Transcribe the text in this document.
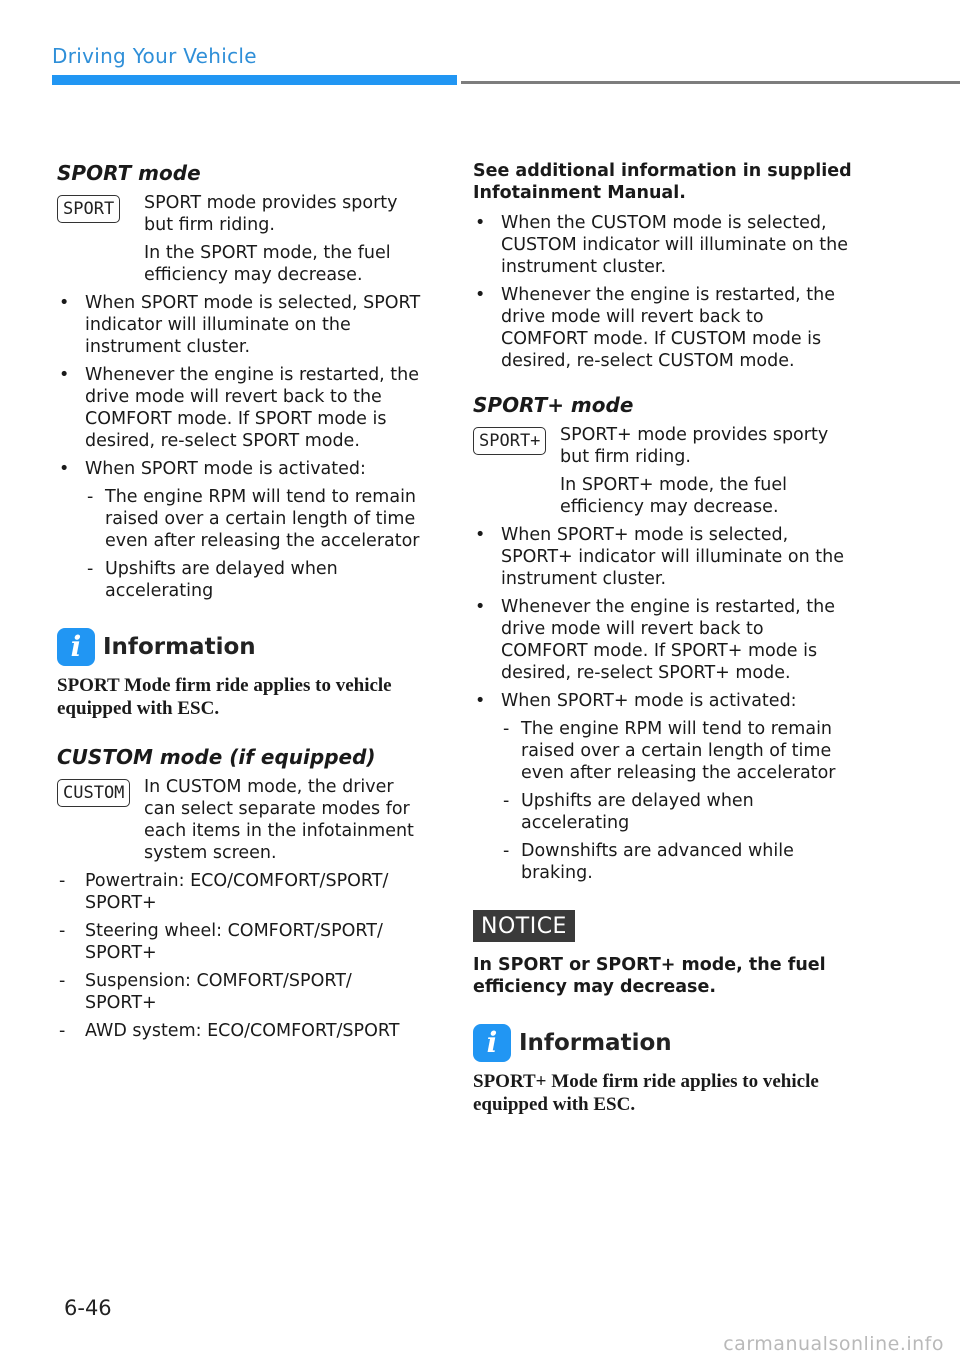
Driving Your Vehicle
SPORT mode
SPORT	SPORT mode provides sporty but firm riding.

In the SPORT mode, the fuel efficiency may decrease.

• When SPORT mode is selected, SPORT indicator will illuminate on the instrument cluster.
• Whenever the engine is restarted, the drive mode will revert back to the COMFORT mode. If SPORT mode is desired, re-select SPORT mode.
• When SPORT mode is activated:
- The engine RPM will tend to remain raised over a certain length of time even after releasing the accelerator
- Upshifts are delayed when accelerating
i Information

SPORT Mode firm ride applies to vehicle equipped with ESC.

CUSTOM mode (if equipped)
CUSTOM	In CUSTOM mode, the driver can select separate modes for each items in the infotainment system screen.

- Powertrain: ECO/COMFORT/SPORT/ SPORT+
- Steering wheel: COMFORT/SPORT/ SPORT+
- Suspension: COMFORT/SPORT/ SPORT+
- AWD system: ECO/COMFORT/SPORT

See additional information in supplied Infotainment Manual.

• When the CUSTOM mode is selected, CUSTOM indicator will illuminate on the instrument cluster.
• Whenever the engine is restarted, the drive mode will revert back to COMFORT mode. If CUSTOM mode is desired, re-select CUSTOM mode.
SPORT+ mode
SPORT+	SPORT+ mode provides sporty but firm riding.

In SPORT+ mode, the fuel efficiency may decrease.

• When SPORT+ mode is selected, SPORT+ indicator will illuminate on the instrument cluster.
• Whenever the engine is restarted, the drive mode will revert back to COMFORT mode. If SPORT+ mode is desired, re-select SPORT+ mode.
• When SPORT+ mode is activated:
- The engine RPM will tend to remain raised over a certain length of time even after releasing the accelerator
- Upshifts are delayed when accelerating
- Downshifts are advanced while braking.
NOTICE

In SPORT or SPORT+ mode, the fuel efficiency may decrease.

i Information

SPORT+ Mode firm ride applies to vehicle equipped with ESC.

6-46
carmanualsonline.info
